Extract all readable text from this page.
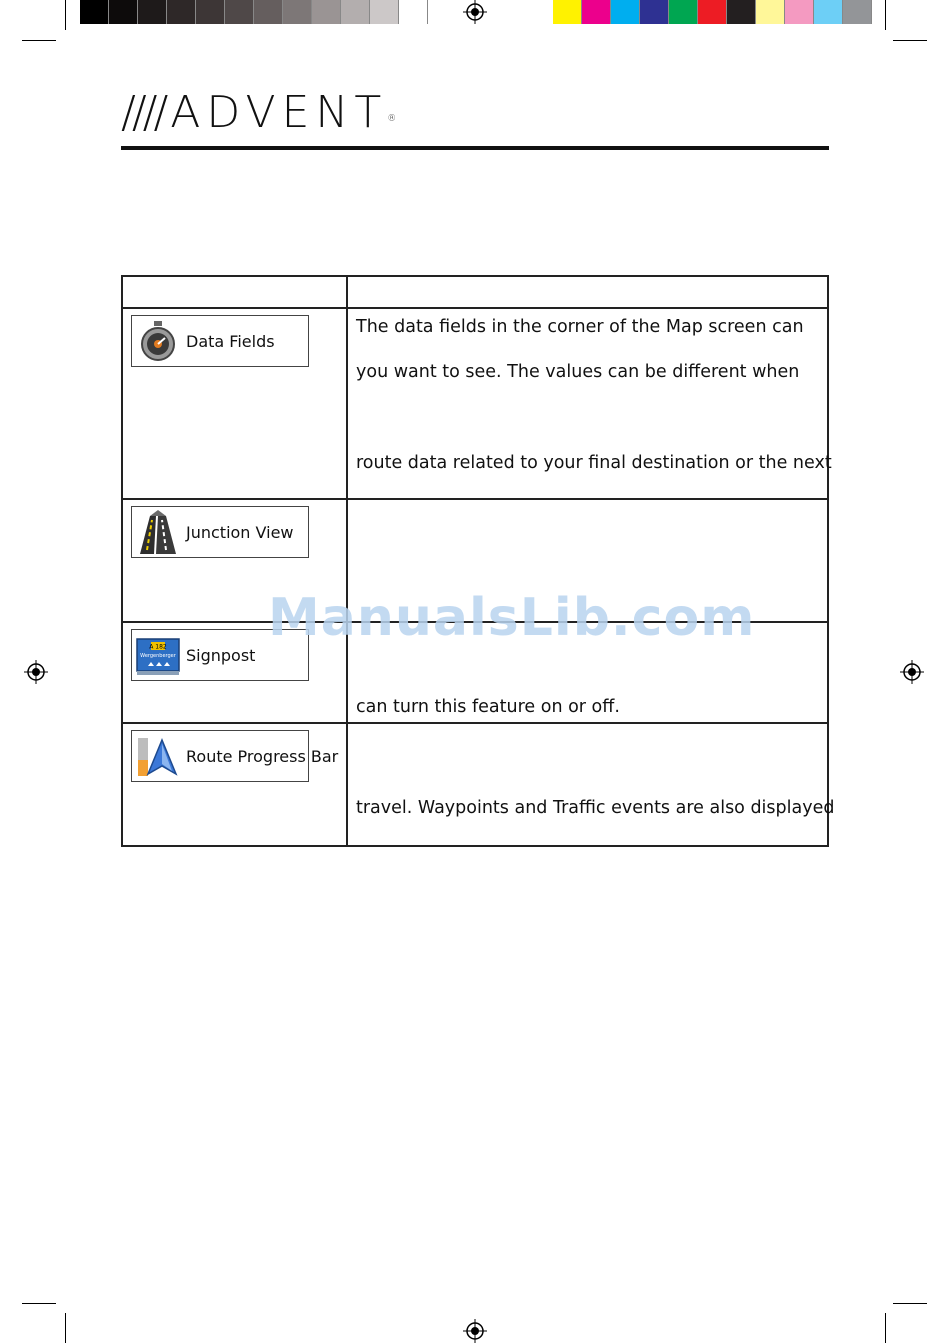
//// ADVENT®

Data Fields	The data fields in the corner of the Map screen can
you want to see. The values can be different when
route data related to your final destination or the next

Junction View	

A 182
Wergenberger Signpost	can turn this feature on or off.

Route Progress Bar	travel. Waypoints and Traffic events are also displayed
ManualsLib.com
